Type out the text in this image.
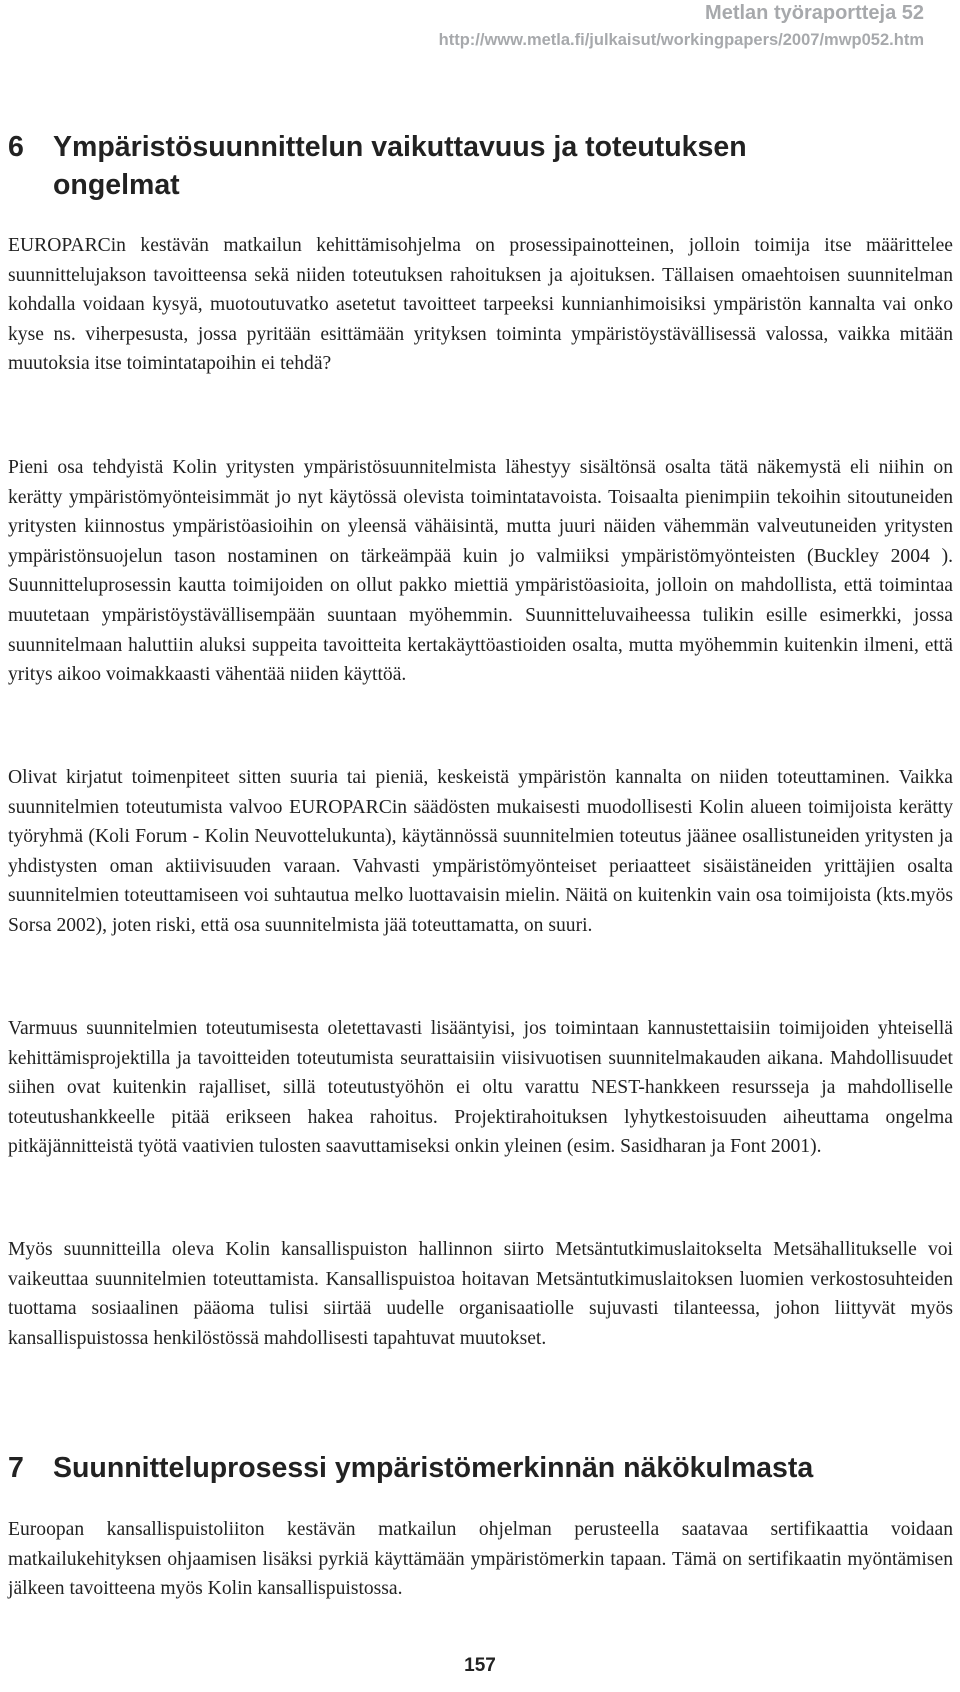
Metlan työraportteja 52
http://www.metla.fi/julkaisut/workingpapers/2007/mwp052.htm
6 Ympäristösuunnittelun vaikuttavuus ja toteutuksen ongelmat

EUROPARCin kestävän matkailun kehittämisohjelma on prosessipainotteinen, jolloin toimija itse määrittelee suunnittelujakson tavoitteensa sekä niiden toteutuksen rahoituksen ja ajoituksen. Tällaisen omaehtoisen suunnitelman kohdalla voidaan kysyä, muotoutuvatko asetetut tavoitteet tarpeeksi kunnianhimoisiksi ympäristön kannalta vai onko kyse ns. viherpesusta, jossa pyritään esittämään yrityksen toiminta ympäristöystävällisessä valossa, vaikka mitään muutoksia itse toimintatapoihin ei tehdä?

Pieni osa tehdyistä Kolin yritysten ympäristösuunnitelmista lähestyy sisältönsä osalta tätä näkemystä eli niihin on kerätty ympäristömyönteisimmät jo nyt käytössä olevista toimintatavoista. Toisaalta pienimpiin tekoihin sitoutuneiden yritysten kiinnostus ympäristöasioihin on yleensä vähäisintä, mutta juuri näiden vähemmän valveutuneiden yritysten ympäristönsuojelun tason nostaminen on tärkeämpää kuin jo valmiiksi ympäristömyönteisten (Buckley 2004 ). Suunnitteluprosessin kautta toimijoiden on ollut pakko miettiä ympäristöasioita, jolloin on mahdollista, että toimintaa muutetaan ympäristöystävällisempään suuntaan myöhemmin. Suunnitteluvaiheessa tulikin esille esimerkki, jossa suunnitelmaan haluttiin aluksi suppeita tavoitteita kertakäyttöastioiden osalta, mutta myöhemmin kuitenkin ilmeni, että yritys aikoo voimakkaasti vähentää niiden käyttöä.

Olivat kirjatut toimenpiteet sitten suuria tai pieniä, keskeistä ympäristön kannalta on niiden toteuttaminen. Vaikka suunnitelmien toteutumista valvoo EUROPARCin säädösten mukaisesti muodollisesti Kolin alueen toimijoista kerätty työryhmä (Koli Forum - Kolin Neuvottelukunta), käytännössä suunnitelmien toteutus jäänee osallistuneiden yritysten ja yhdistysten oman aktiivisuuden varaan. Vahvasti ympäristömyönteiset periaatteet sisäistäneiden yrittäjien osalta suunnitelmien toteuttamiseen voi suhtautua melko luottavaisin mielin. Näitä on kuitenkin vain osa toimijoista (kts.myös Sorsa 2002), joten riski, että osa suunnitelmista jää toteuttamatta, on suuri.

Varmuus suunnitelmien toteutumisesta oletettavasti lisääntyisi, jos toimintaan kannustettaisiin toimijoiden yhteisellä kehittämisprojektilla ja tavoitteiden toteutumista seurattaisiin viisivuotisen suunnitelmakauden aikana. Mahdollisuudet siihen ovat kuitenkin rajalliset, sillä toteutustyöhön ei oltu varattu NEST-hankkeen resursseja ja mahdolliselle toteutushankkeelle pitää erikseen hakea rahoitus. Projektirahoituksen lyhytkestoisuuden aiheuttama ongelma pitkäjännitteistä työtä vaativien tulosten saavuttamiseksi onkin yleinen (esim. Sasidharan ja Font 2001).

Myös suunnitteilla oleva Kolin kansallispuiston hallinnon siirto Metsäntutkimuslaitokselta Metsähallitukselle voi vaikeuttaa suunnitelmien toteuttamista. Kansallispuistoa hoitavan Metsäntutkimuslaitoksen luomien verkostosuhteiden tuottama sosiaalinen pääoma tulisi siirtää uudelle organisaatiolle sujuvasti tilanteessa, johon liittyvät myös kansallispuistossa henkilöstössä mahdollisesti tapahtuvat muutokset.

7 Suunnitteluprosessi ympäristömerkinnän näkökulmasta

Euroopan kansallispuistoliiton kestävän matkailun ohjelman perusteella saatavaa sertifikaattia voidaan matkailukehityksen ohjaamisen lisäksi pyrkiä käyttämään ympäristömerkin tapaan. Tämä on sertifikaatin myöntämisen jälkeen tavoitteena myös Kolin kansallispuistossa.

157
